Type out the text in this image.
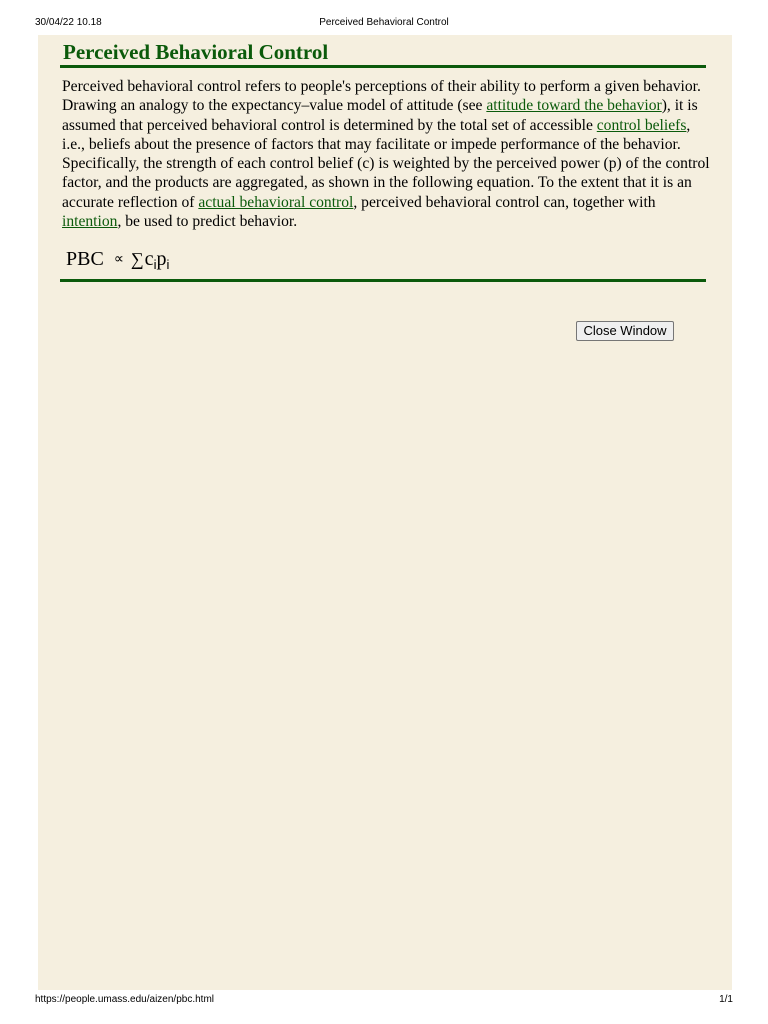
30/04/22 10.18	Perceived Behavioral Control
Perceived Behavioral Control

Perceived behavioral control refers to people's perceptions of their ability to perform a given behavior. Drawing an analogy to the expectancy–value model of attitude (see attitude toward the behavior), it is assumed that perceived behavioral control is determined by the total set of accessible control beliefs, i.e., beliefs about the presence of factors that may facilitate or impede performance of the behavior. Specifically, the strength of each control belief (c) is weighted by the perceived power (p) of the control factor, and the products are aggregated, as shown in the following equation. To the extent that it is an accurate reflection of actual behavioral control, perceived behavioral control can, together with intention, be used to predict behavior.

PBC ∝ $\sum c_ip_i$
Close Window
https://people.umass.edu/aizen/pbc.html	1/1
